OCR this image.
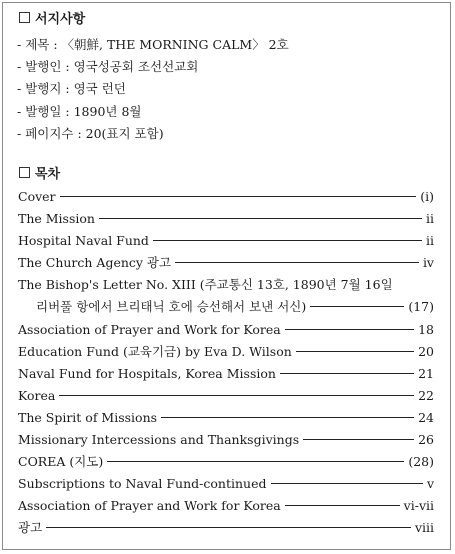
서지사항
- 제목 : 〈朝鮮, THE MORNING CALM〉 2호
- 발행인 : 영국성공회 조선선교회
- 발행지 : 영국 런던
- 발행일 : 1890년 8월
- 페이지수 : 20(표지 포함)
목차
Cover	(i)
The Mission	ii
Hospital Naval Fund	ii
The Church Agency 광고	iv
The Bishop's Letter No. XIII (주교통신 13호, 1890년 7월 16일
리버풀 항에서 브리태닉 호에 승선해서 보낸 서신)	(17)
Association of Prayer and Work for Korea	18
Education Fund (교육기금) by Eva D. Wilson	20
Naval Fund for Hospitals, Korea Mission	21
Korea	22
The Spirit of Missions	24
Missionary Intercessions and Thanksgivings	26
COREA (지도)	(28)
Subscriptions to Naval Fund-continued	v
Association of Prayer and Work for Korea	vi-vii
광고	viii
